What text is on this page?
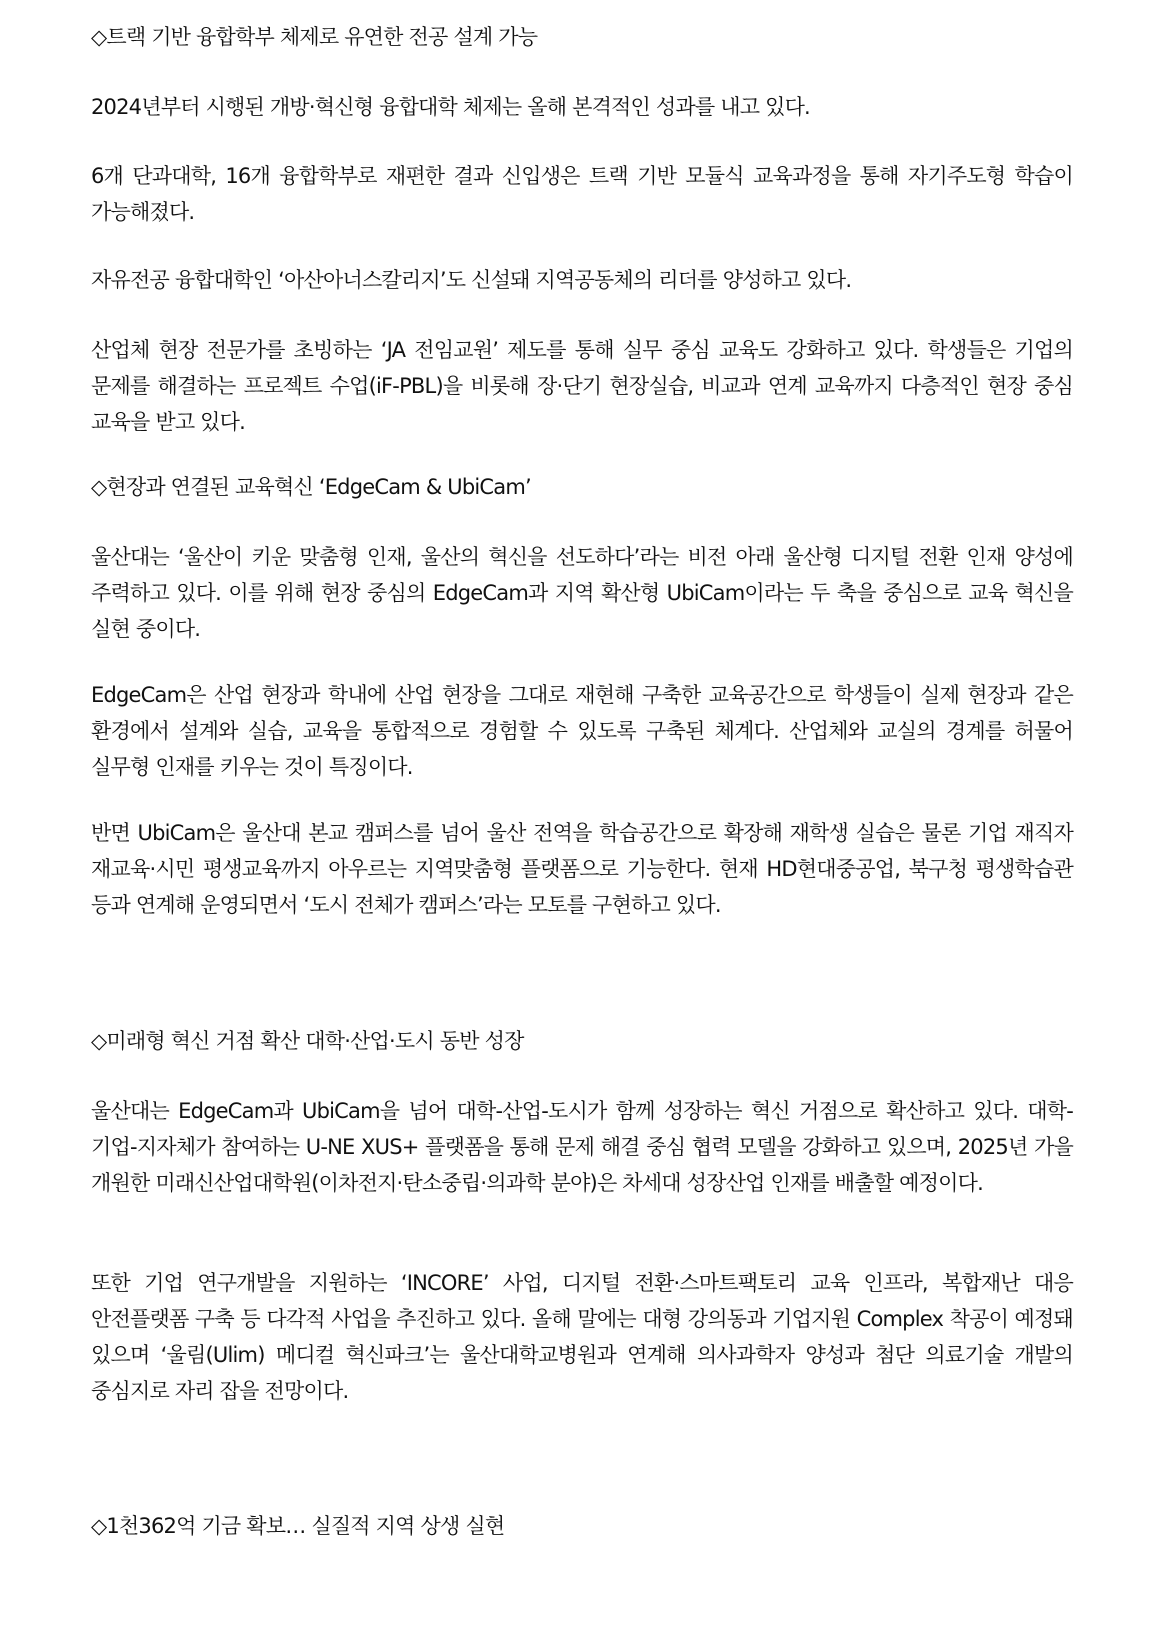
◇트랙 기반 융합학부 체제로 유연한 전공 설계 가능

2024년부터 시행된 개방·혁신형 융합대학 체제는 올해 본격적인 성과를 내고 있다.

6개 단과대학, 16개 융합학부로 재편한 결과 신입생은 트랙 기반 모듈식 교육과정을 통해 자기주도형 학습이 가능해졌다.

자유전공 융합대학인 ‘아산아너스칼리지’도 신설돼 지역공동체의 리더를 양성하고 있다.

산업체 현장 전문가를 초빙하는 ‘JA 전임교원’ 제도를 통해 실무 중심 교육도 강화하고 있다. 학생들은 기업의 문제를 해결하는 프로젝트 수업(iF-PBL)을 비롯해 장·단기 현장실습, 비교과 연계 교육까지 다층적인 현장 중심 교육을 받고 있다.

◇현장과 연결된 교육혁신 ‘EdgeCam & UbiCam’

울산대는 ‘울산이 키운 맞춤형 인재, 울산의 혁신을 선도하다’라는 비전 아래 울산형 디지털 전환 인재 양성에 주력하고 있다. 이를 위해 현장 중심의 EdgeCam과 지역 확산형 UbiCam이라는 두 축을 중심으로 교육 혁신을 실현 중이다.

EdgeCam은 산업 현장과 학내에 산업 현장을 그대로 재현해 구축한 교육공간으로 학생들이 실제 현장과 같은 환경에서 설계와 실습, 교육을 통합적으로 경험할 수 있도록 구축된 체계다. 산업체와 교실의 경계를 허물어 실무형 인재를 키우는 것이 특징이다.

반면 UbiCam은 울산대 본교 캠퍼스를 넘어 울산 전역을 학습공간으로 확장해 재학생 실습은 물론 기업 재직자 재교육·시민 평생교육까지 아우르는 지역맞춤형 플랫폼으로 기능한다. 현재 HD현대중공업, 북구청 평생학습관 등과 연계해 운영되면서 ‘도시 전체가 캠퍼스’라는 모토를 구현하고 있다.

◇미래형 혁신 거점 확산 대학·산업·도시 동반 성장

울산대는 EdgeCam과 UbiCam을 넘어 대학-산업-도시가 함께 성장하는 혁신 거점으로 확산하고 있다. 대학-기업-지자체가 참여하는 U-NE XUS+ 플랫폼을 통해 문제 해결 중심 협력 모델을 강화하고 있으며, 2025년 가을 개원한 미래신산업대학원(이차전지·탄소중립·의과학 분야)은 차세대 성장산업 인재를 배출할 예정이다.

또한 기업 연구개발을 지원하는 ‘INCORE’ 사업, 디지털 전환·스마트팩토리 교육 인프라, 복합재난 대응 안전플랫폼 구축 등 다각적 사업을 추진하고 있다. 올해 말에는 대형 강의동과 기업지원 Complex 착공이 예정돼 있으며 ‘울림(Ulim) 메디컬 혁신파크’는 울산대학교병원과 연계해 의사과학자 양성과 첨단 의료기술 개발의 중심지로 자리 잡을 전망이다.

◇1천362억 기금 확보… 실질적 지역 상생 실현
